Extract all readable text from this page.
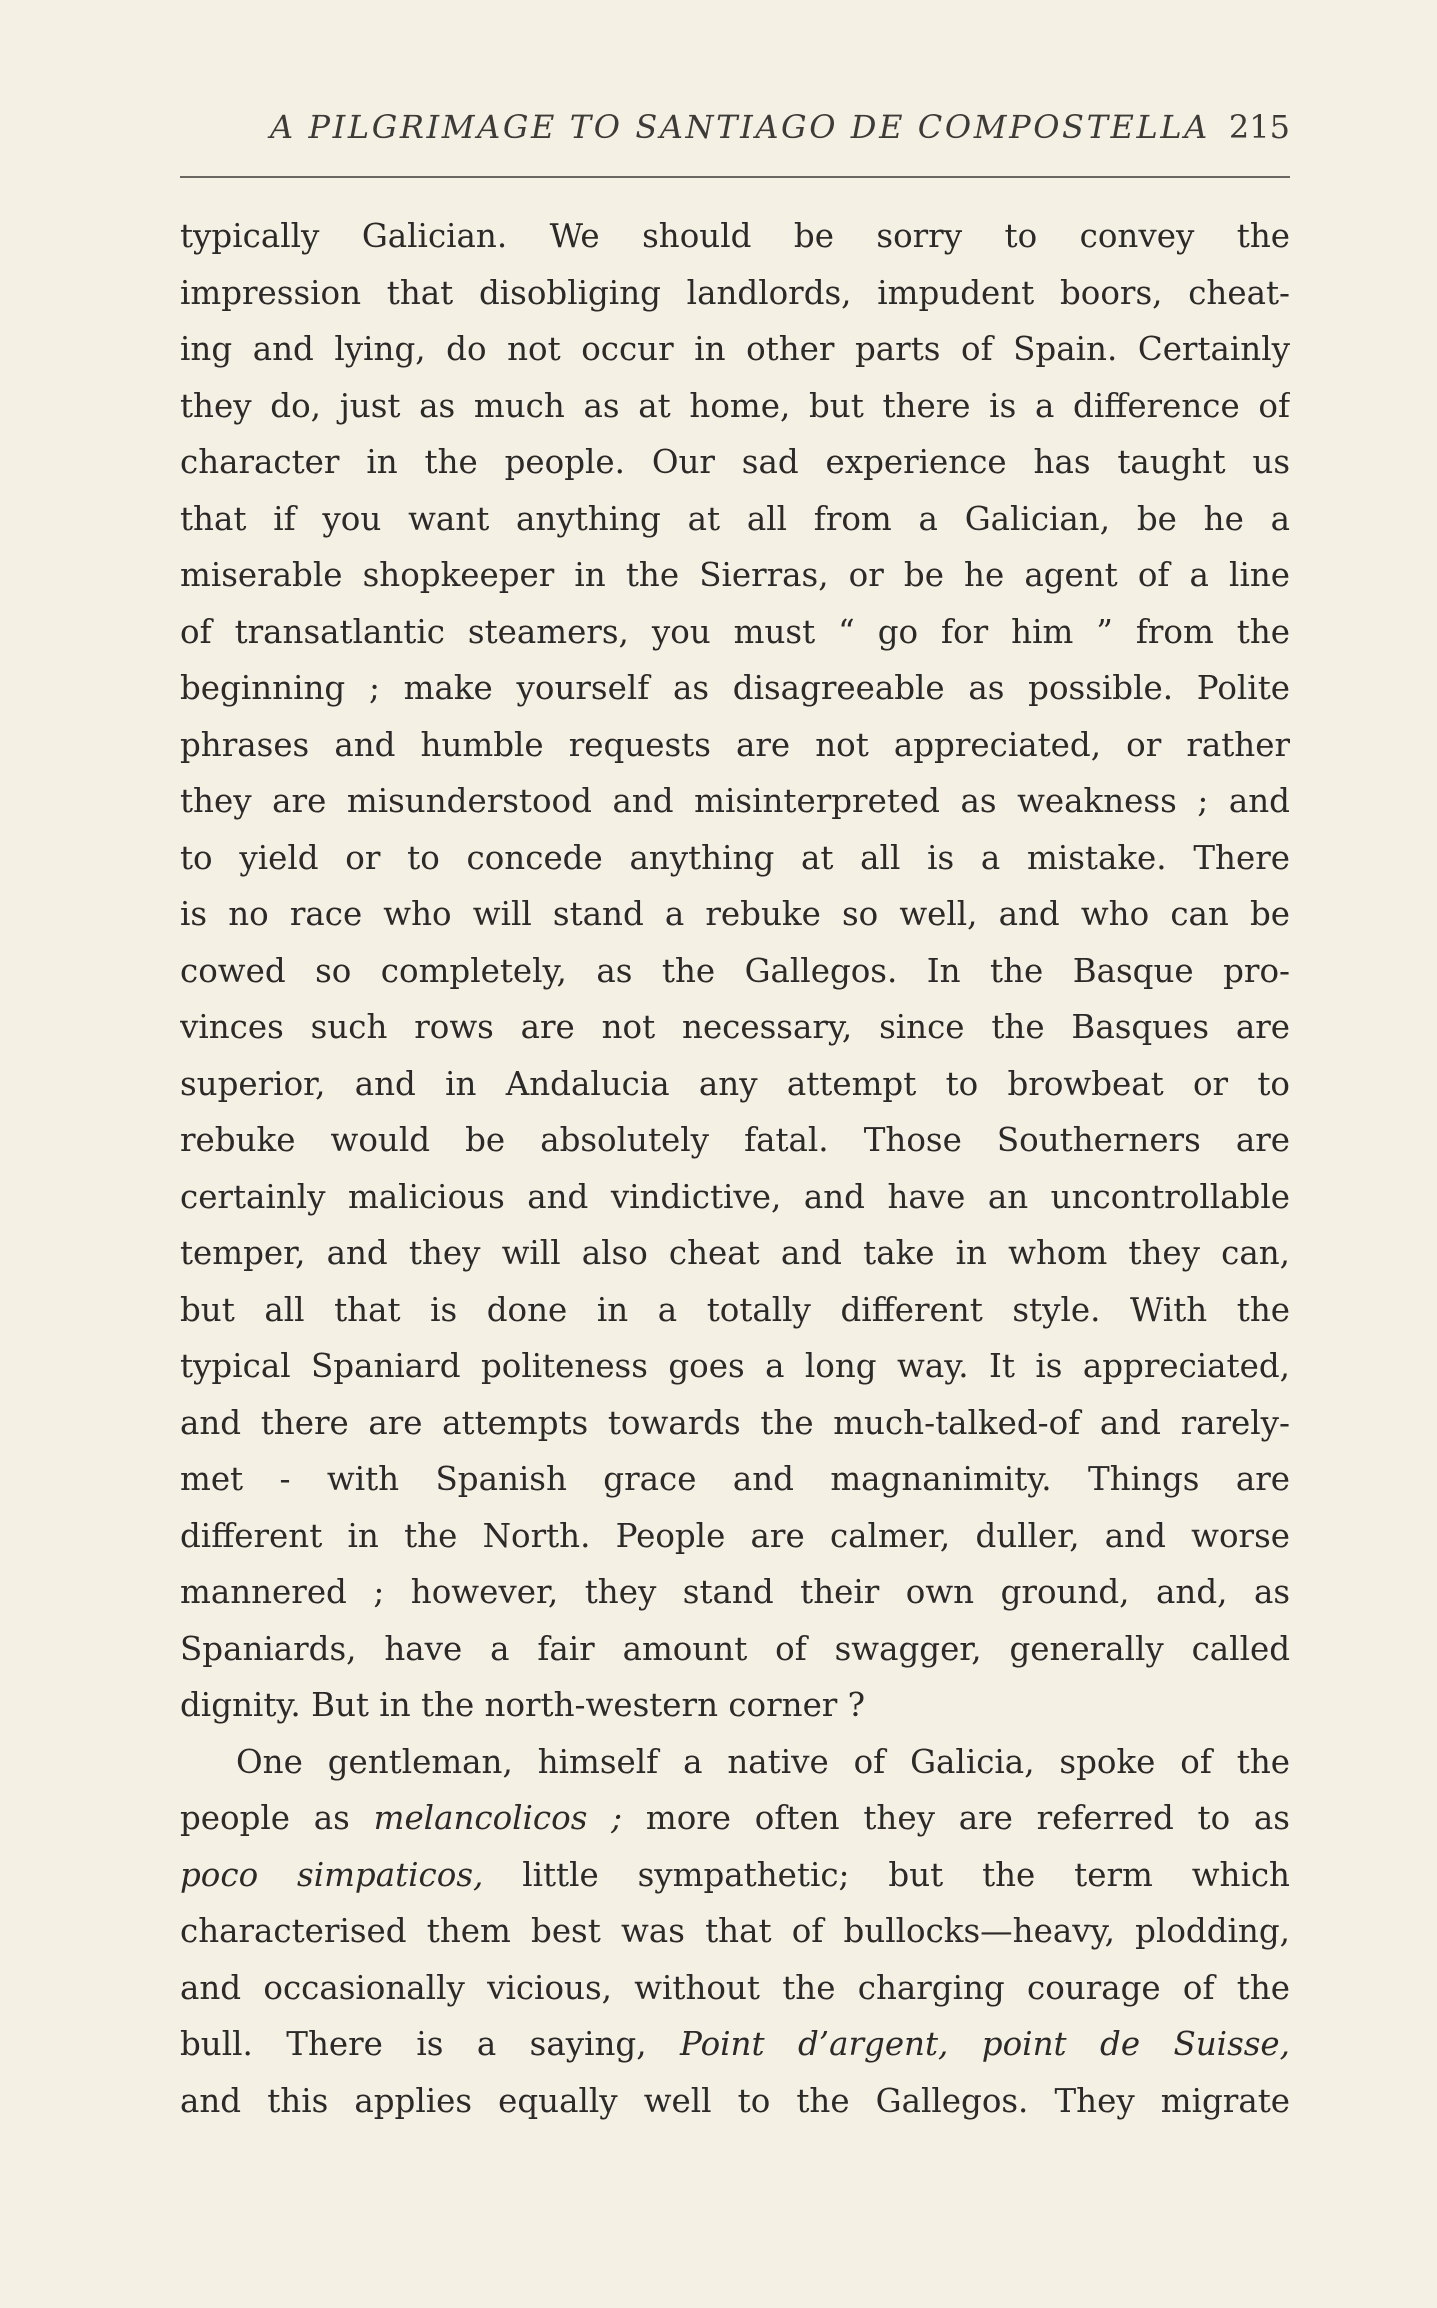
A PILGRIMAGE TO SANTIAGO DE COMPOSTELLA 215
typically Galician. We should be sorry to convey the
impression that disobliging landlords, impudent boors, cheat-
ing and lying, do not occur in other parts of Spain. Certainly
they do, just as much as at home, but there is a difference of
character in the people. Our sad experience has taught us
that if you want anything at all from a Galician, be he a
miserable shopkeeper in the Sierras, or be he agent of a line
of transatlantic steamers, you must “ go for him ” from the
beginning ; make yourself as disagreeable as possible. Polite
phrases and humble requests are not appreciated, or rather
they are misunderstood and misinterpreted as weakness ; and
to yield or to concede anything at all is a mistake. There
is no race who will stand a rebuke so well, and who can be
cowed so completely, as the Gallegos. In the Basque pro-
vinces such rows are not necessary, since the Basques are
superior, and in Andalucia any attempt to browbeat or to
rebuke would be absolutely fatal. Those Southerners are
certainly malicious and vindictive, and have an uncontrollable
temper, and they will also cheat and take in whom they can,
but all that is done in a totally different style. With the
typical Spaniard politeness goes a long way. It is appreciated,
and there are attempts towards the much-talked-of and rarely-
met - with Spanish grace and magnanimity. Things are
different in the North. People are calmer, duller, and worse
mannered ; however, they stand their own ground, and, as
Spaniards, have a fair amount of swagger, generally called
dignity. But in the north-western corner ?
One gentleman, himself a native of Galicia, spoke of the
people as melancolicos ; more often they are referred to as
poco simpaticos, little sympathetic; but the term which
characterised them best was that of bullocks—heavy, plodding,
and occasionally vicious, without the charging courage of the
bull. There is a saying, Point d’argent, point de Suisse,
and this applies equally well to the Gallegos. They migrate
